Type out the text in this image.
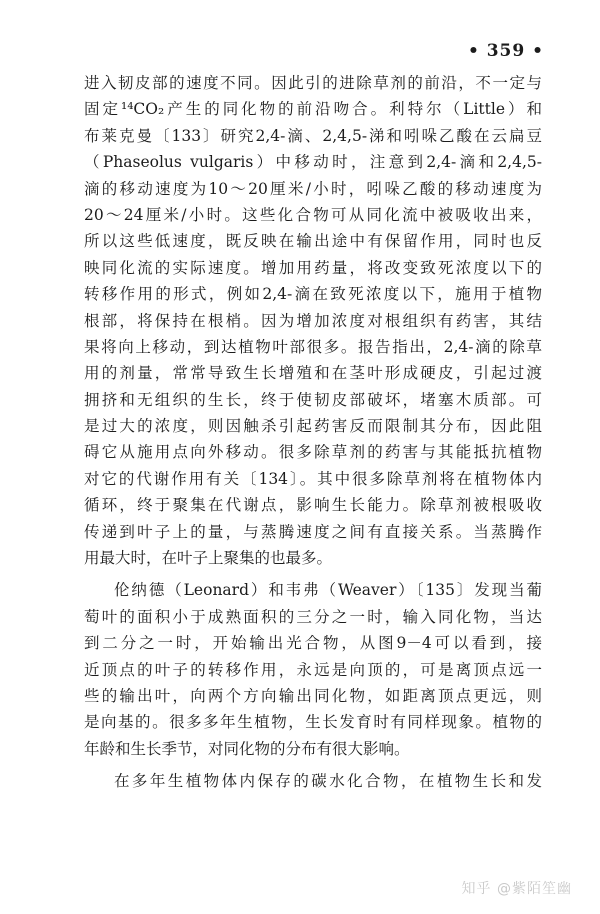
• 359 •
进入韧皮部的速度不同。因此引的进除草剂的前沿，不一定与
固定¹⁴CO₂产生的同化物的前沿吻合。利特尔（Little）和
布莱克曼〔133〕研究2,4-滴、2,4,5-涕和吲哚乙酸在云扁豆
（Phaseolus vulgaris）中移动时，注意到2,4-滴和2,4,5-
滴的移动速度为10～20厘米/小时，吲哚乙酸的移动速度为
20～24厘米/小时。这些化合物可从同化流中被吸收出来，
所以这些低速度，既反映在输出途中有保留作用，同时也反
映同化流的实际速度。增加用药量，将改变致死浓度以下的
转移作用的形式，例如2,4-滴在致死浓度以下，施用于植物
根部，将保持在根梢。因为增加浓度对根组织有药害，其结
果将向上移动，到达植物叶部很多。报告指出，2,4-滴的除草
用的剂量，常常导致生长增殖和在茎叶形成硬皮，引起过渡
拥挤和无组织的生长，终于使韧皮部破坏，堵塞木质部。可
是过大的浓度，则因触杀引起药害反而限制其分布，因此阻
碍它从施用点向外移动。很多除草剂的药害与其能抵抗植物
对它的代谢作用有关〔134〕。其中很多除草剂将在植物体内
循环，终于聚集在代谢点，影响生长能力。除草剂被根吸收
传递到叶子上的量，与蒸腾速度之间有直接关系。当蒸腾作
用最大时，在叶子上聚集的也最多。
伦纳德（Leonard）和韦弗（Weaver）〔135〕发现当葡
萄叶的面积小于成熟面积的三分之一时，输入同化物，当达
到二分之一时，开始输出光合物，从图9－4可以看到，接
近顶点的叶子的转移作用，永远是向顶的，可是离顶点远一
些的输出叶，向两个方向输出同化物，如距离顶点更远，则
是向基的。很多多年生植物，生长发育时有同样现象。植物的
年龄和生长季节，对同化物的分布有很大影响。
在多年生植物体内保存的碳水化合物，在植物生长和发
知乎 @紫陌笙幽
